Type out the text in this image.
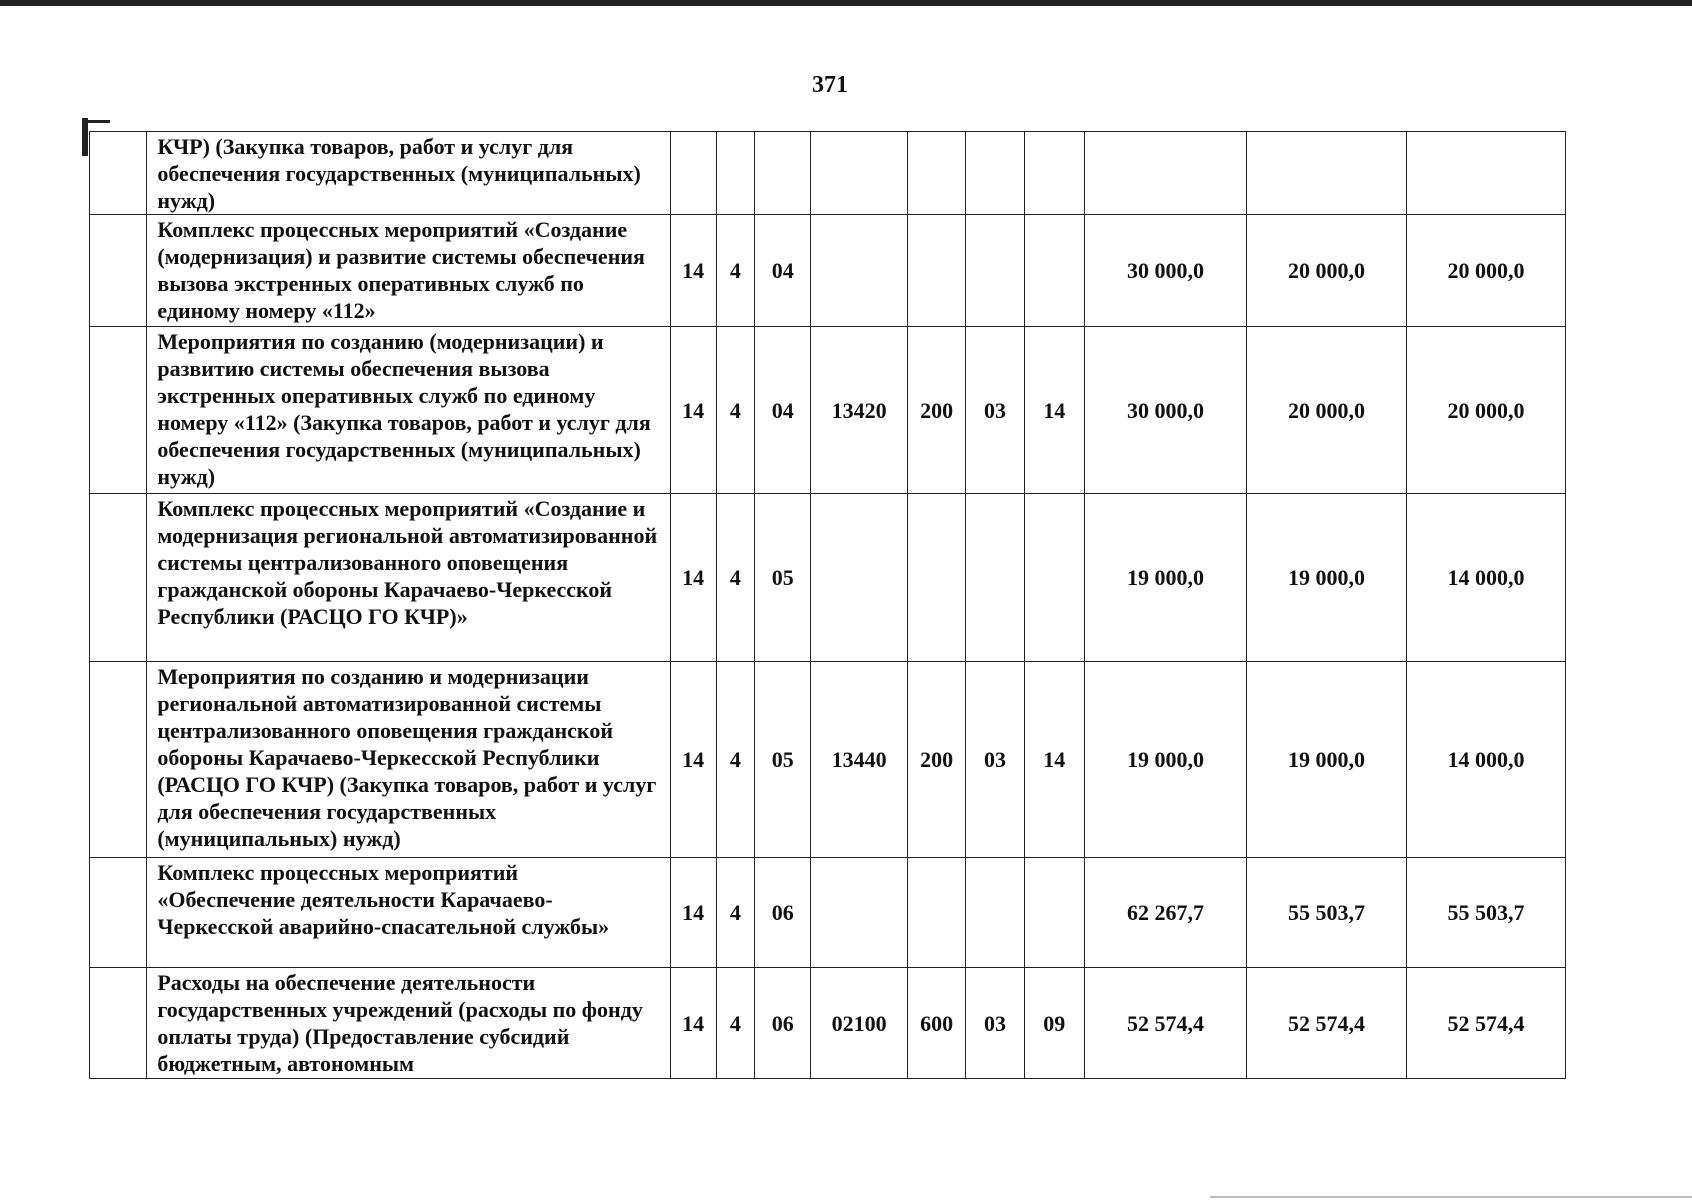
371
	КЧР) (Закупка товаров, работ и услуг для обеспечения государственных (муниципальных) нужд)										
	Комплекс процессных мероприятий «Создание (модернизация) и развитие системы обеспечения вызова экстренных оперативных служб по единому номеру «112»	14	4	04					30 000,0	20 000,0	20 000,0
	Мероприятия по созданию (модернизации) и развитию системы обеспечения вызова экстренных оперативных служб по единому номеру «112» (Закупка товаров, работ и услуг для обеспечения государственных (муниципальных) нужд)	14	4	04	13420	200	03	14	30 000,0	20 000,0	20 000,0
	Комплекс процессных мероприятий «Создание и модернизация региональной автоматизированной системы централизованного оповещения гражданской обороны Карачаево-Черкесской Республики (РАСЦО ГО КЧР)»	14	4	05					19 000,0	19 000,0	14 000,0
	Мероприятия по созданию и модернизации региональной автоматизированной системы централизованного оповещения гражданской обороны Карачаево-Черкесской Республики (РАСЦО ГО КЧР) (Закупка товаров, работ и услуг для обеспечения государственных (муниципальных) нужд)	14	4	05	13440	200	03	14	19 000,0	19 000,0	14 000,0
	Комплекс процессных мероприятий «Обеспечение деятельности Карачаево-Черкесской аварийно-спасательной службы»	14	4	06					62 267,7	55 503,7	55 503,7
	Расходы на обеспечение деятельности государственных учреждений (расходы по фонду оплаты труда) (Предоставление субсидий бюджетным, автономным	14	4	06	02100	600	03	09	52 574,4	52 574,4	52 574,4
